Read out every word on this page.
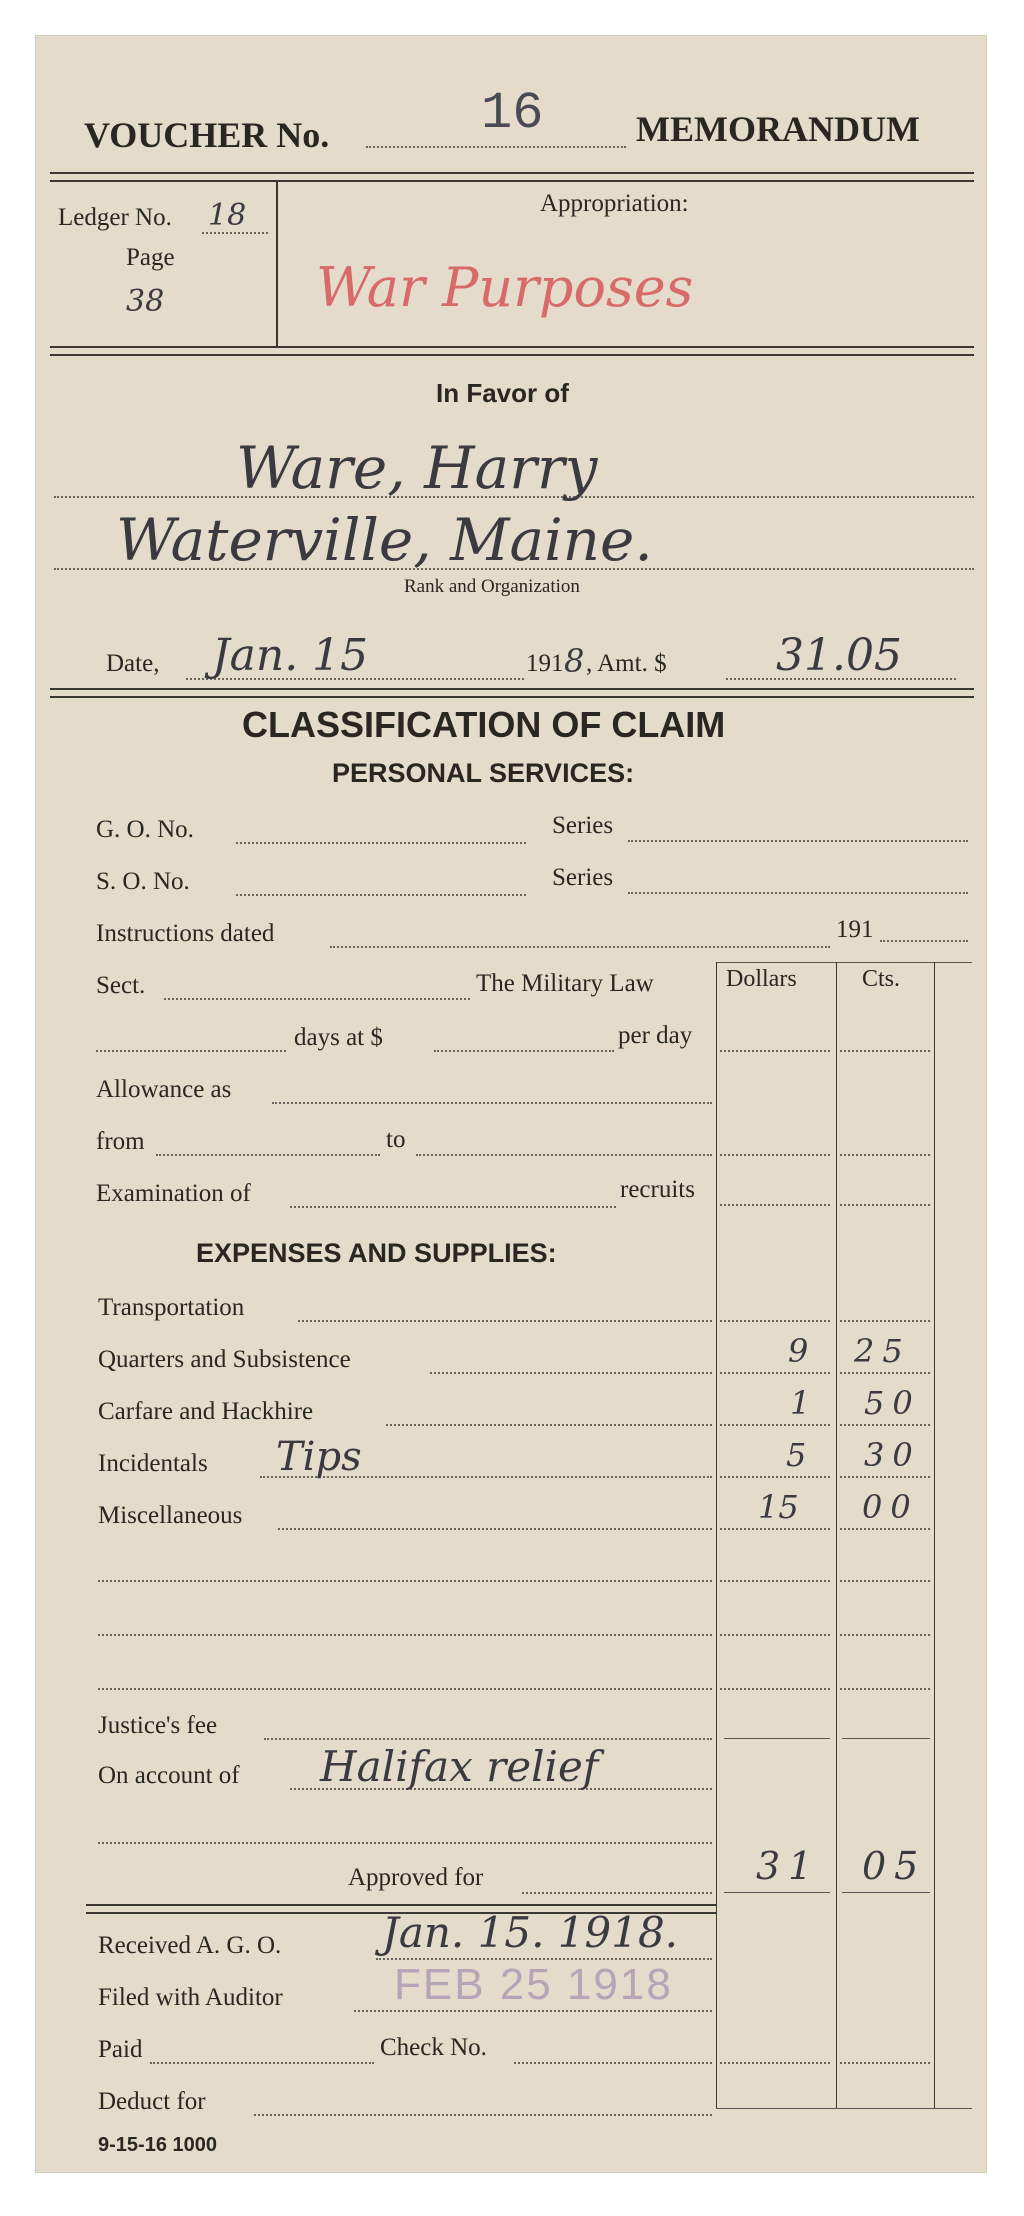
VOUCHER No.	16	MEMORANDUM
Ledger No. 18
Page
38
Appropriation:
War Purposes
In Favor of
Ware, Harry
Waterville, Maine.
Rank and Organization
Date, Jan. 15	191 8 , Amt. $ 31.05
CLASSIFICATION OF CLAIM
PERSONAL SERVICES:
G. O. No.	Series
S. O. No.	Series
Instructions dated	191
Dollars	Cts.
Sect.	The Military Law
days at $	per day
Allowance as
from	to
Examination of	recruits
EXPENSES AND SUPPLIES:
Transportation
Quarters and Subsistence	9 25
Carfare and Hackhire	1 50
Incidentals Tips	5 30
Miscellaneous	15 00
Justice's fee
On account of Halifax relief
Approved for	31 05
Received A. G. O. Jan. 15. 1918.
Filed with Auditor	FEB 25 1918
Paid	Check No.
Deduct for
9-15-16 1000
